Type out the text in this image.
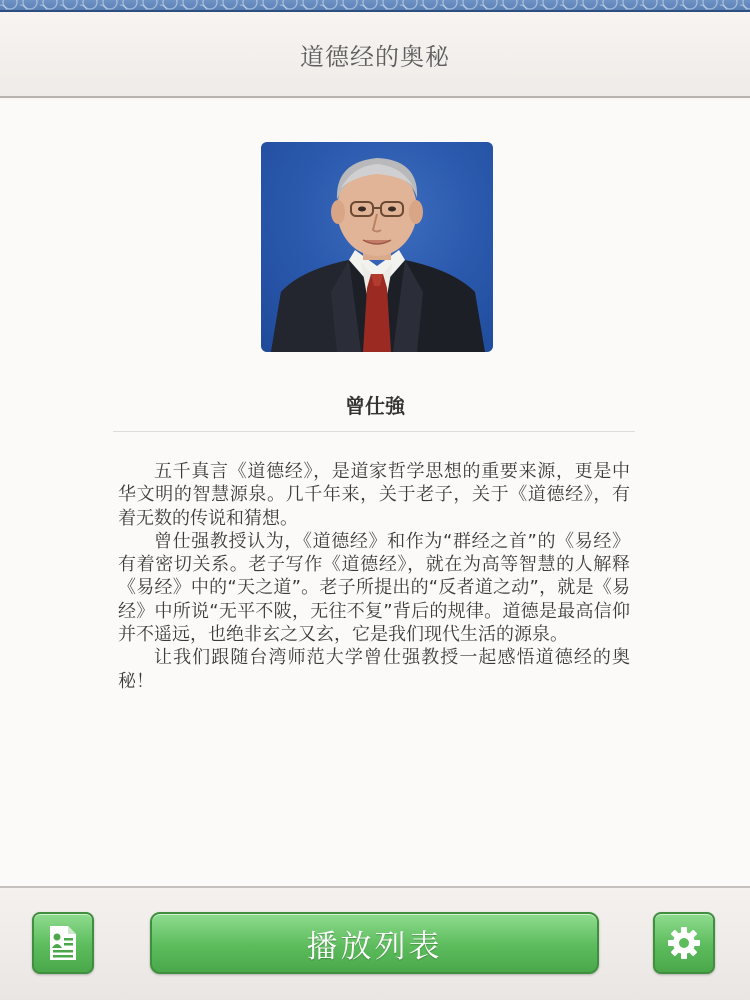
道德经的奥秘
曾仕強

五千真言《道德经》，是道家哲学思想的重要来源，更是中华文明的智慧源泉。几千年来，关于老子，关于《道德经》，有着无数的传说和猜想。

曾仕强教授认为，《道德经》和作为“群经之首”的《易经》有着密切关系。老子写作《道德经》，就在为高等智慧的人解释《易经》中的“天之道”。老子所提出的“反者道之动”，就是《易经》中所说“无平不陂，无往不复”背后的规律。道德是最高信仰并不遥远，也绝非玄之又玄，它是我们现代生活的源泉。

让我们跟随台湾师范大学曾仕强教授一起感悟道德经的奥秘！

播放列表
